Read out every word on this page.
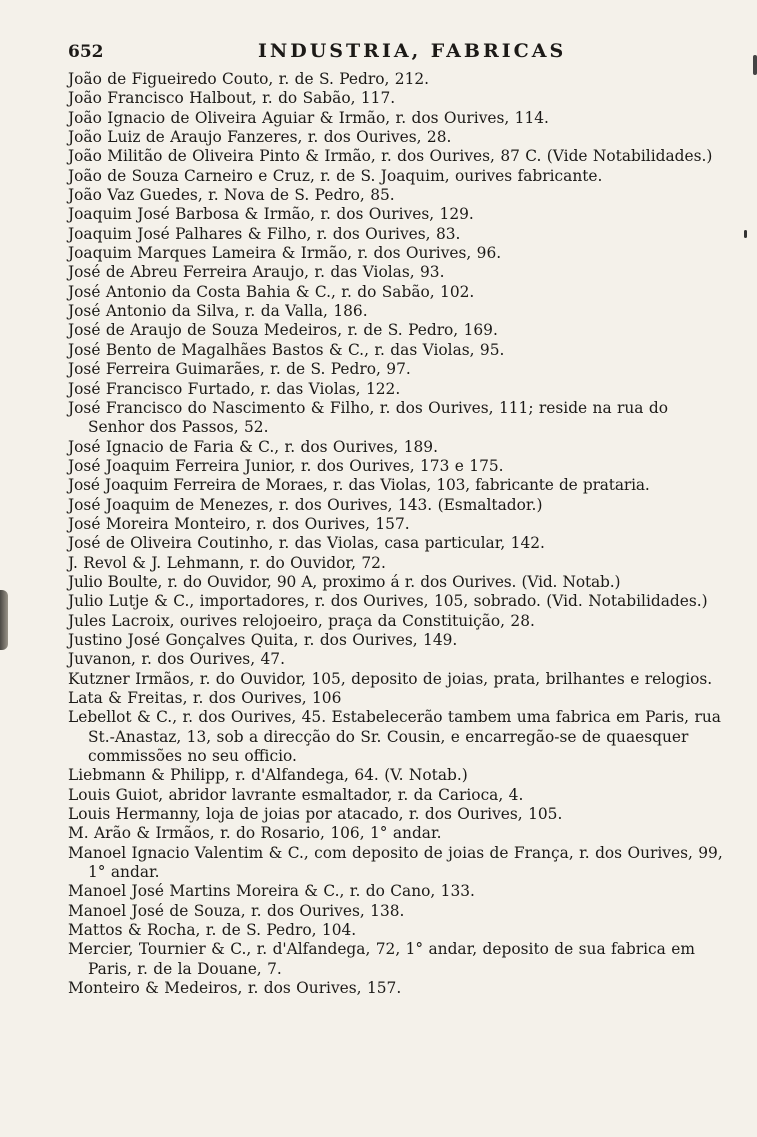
652	INDUSTRIA, FABRICAS
João de Figueiredo Couto, r. de S. Pedro, 212.
João Francisco Halbout, r. do Sabão, 117.
João Ignacio de Oliveira Aguiar & Irmão, r. dos Ourives, 114.
João Luiz de Araujo Fanzeres, r. dos Ourives, 28.
João Militão de Oliveira Pinto & Irmão, r. dos Ourives, 87 C. (Vide Notabilidades.)
João de Souza Carneiro e Cruz, r. de S. Joaquim, ourives fabricante.
João Vaz Guedes, r. Nova de S. Pedro, 85.
Joaquim José Barbosa & Irmão, r. dos Ourives, 129.
Joaquim José Palhares & Filho, r. dos Ourives, 83.
Joaquim Marques Lameira & Irmão, r. dos Ourives, 96.
José de Abreu Ferreira Araujo, r. das Violas, 93.
José Antonio da Costa Bahia & C., r. do Sabão, 102.
José Antonio da Silva, r. da Valla, 186.
José de Araujo de Souza Medeiros, r. de S. Pedro, 169.
José Bento de Magalhães Bastos & C., r. das Violas, 95.
José Ferreira Guimarães, r. de S. Pedro, 97.
José Francisco Furtado, r. das Violas, 122.
José Francisco do Nascimento & Filho, r. dos Ourives, 111; reside na rua do Senhor dos Passos, 52.
José Ignacio de Faria & C., r. dos Ourives, 189.
José Joaquim Ferreira Junior, r. dos Ourives, 173 e 175.
José Joaquim Ferreira de Moraes, r. das Violas, 103, fabricante de prataria.
José Joaquim de Menezes, r. dos Ourives, 143. (Esmaltador.)
José Moreira Monteiro, r. dos Ourives, 157.
José de Oliveira Coutinho, r. das Violas, casa particular, 142.
J. Revol & J. Lehmann, r. do Ouvidor, 72.
Julio Boulte, r. do Ouvidor, 90 A, proximo á r. dos Ourives. (Vid. Notab.)
Julio Lutje & C., importadores, r. dos Ourives, 105, sobrado. (Vid. Notabilidades.)
Jules Lacroix, ourives relojoeiro, praça da Constituição, 28.
Justino José Gonçalves Quita, r. dos Ourives, 149.
Juvanon, r. dos Ourives, 47.
Kutzner Irmãos, r. do Ouvidor, 105, deposito de joias, prata, brilhantes e relogios.
Lata & Freitas, r. dos Ourives, 106
Lebellot & C., r. dos Ourives, 45. Estabelecerão tambem uma fabrica em Paris, rua St.-Anastaz, 13, sob a direcção do Sr. Cousin, e encarregão-se de quaesquer commissões no seu officio.
Liebmann & Philipp, r. d'Alfandega, 64. (V. Notab.)
Louis Guiot, abridor lavrante esmaltador, r. da Carioca, 4.
Louis Hermanny, loja de joias por atacado, r. dos Ourives, 105.
M. Arão & Irmãos, r. do Rosario, 106, 1° andar.
Manoel Ignacio Valentim & C., com deposito de joias de França, r. dos Ourives, 99, 1° andar.
Manoel José Martins Moreira & C., r. do Cano, 133.
Manoel José de Souza, r. dos Ourives, 138.
Mattos & Rocha, r. de S. Pedro, 104.
Mercier, Tournier & C., r. d'Alfandega, 72, 1° andar, deposito de sua fabrica em Paris, r. de la Douane, 7.
Monteiro & Medeiros, r. dos Ourives, 157.
